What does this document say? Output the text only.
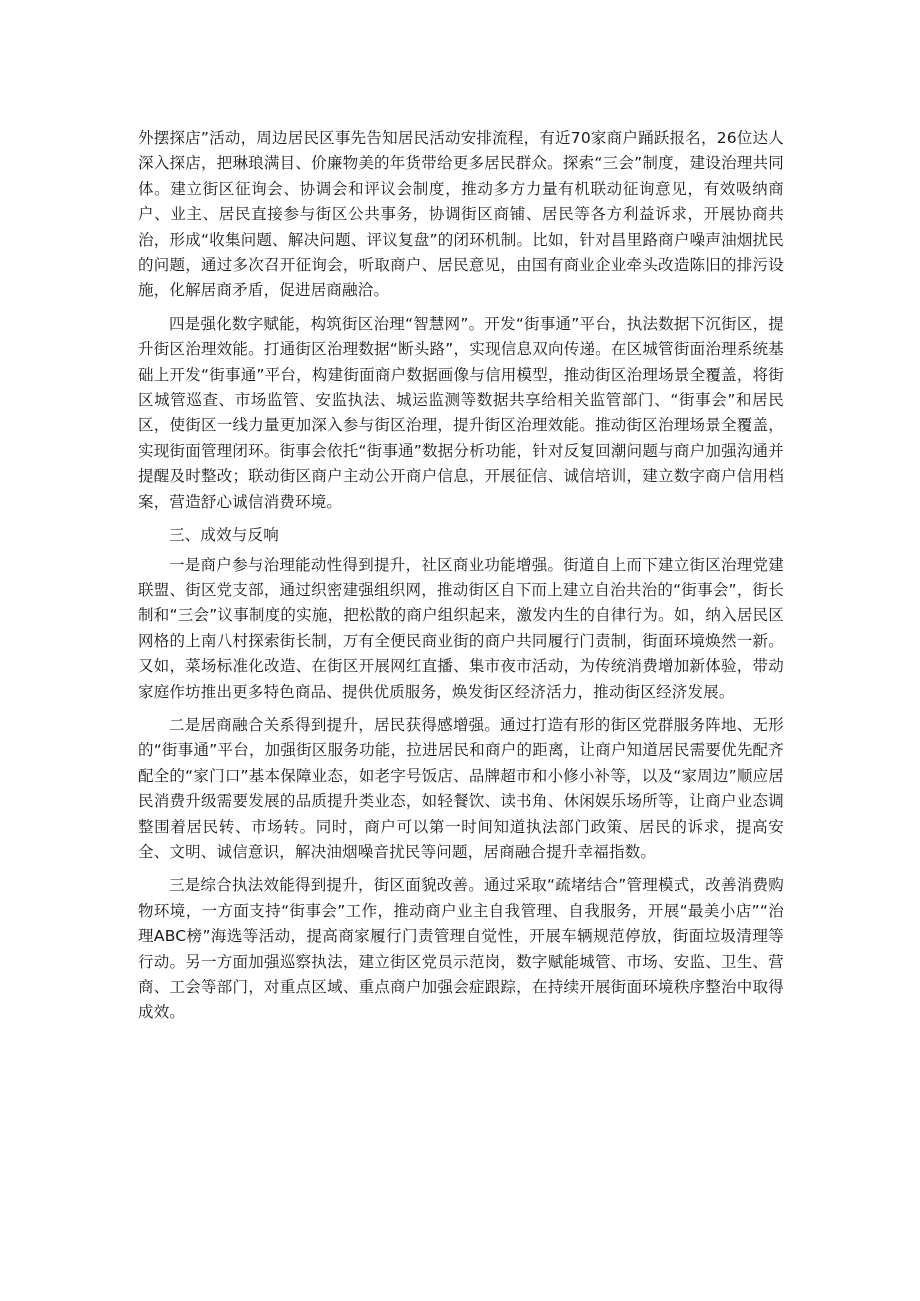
外摆探店”活动，周边居民区事先告知居民活动安排流程，有近70家商户踊跃报名，26位达人深入探店，把琳琅满目、价廉物美的年货带给更多居民群众。探索“三会”制度，建设治理共同体。建立街区征询会、协调会和评议会制度，推动多方力量有机联动征询意见，有效吸纳商户、业主、居民直接参与街区公共事务，协调街区商铺、居民等各方利益诉求，开展协商共治，形成“收集问题、解决问题、评议复盘”的闭环机制。比如，针对昌里路商户噪声油烟扰民的问题，通过多次召开征询会，听取商户、居民意见，由国有商业企业牵头改造陈旧的排污设施，化解居商矛盾，促进居商融洽。

四是强化数字赋能，构筑街区治理“智慧网”。开发“街事通”平台，执法数据下沉街区，提升街区治理效能。打通街区治理数据“断头路”，实现信息双向传递。在区城管街面治理系统基础上开发“街事通”平台，构建街面商户数据画像与信用模型，推动街区治理场景全覆盖，将街区城管巡查、市场监管、安监执法、城运监测等数据共享给相关监管部门、“街事会”和居民区，使街区一线力量更加深入参与街区治理，提升街区治理效能。推动街区治理场景全覆盖，实现街面管理闭环。街事会依托“街事通”数据分析功能，针对反复回潮问题与商户加强沟通并提醒及时整改；联动街区商户主动公开商户信息，开展征信、诚信培训，建立数字商户信用档案，营造舒心诚信消费环境。

三、成效与反响

一是商户参与治理能动性得到提升，社区商业功能增强。街道自上而下建立街区治理党建联盟、街区党支部，通过织密建强组织网，推动街区自下而上建立自治共治的“街事会”，街长制和“三会”议事制度的实施，把松散的商户组织起来，激发内生的自律行为。如，纳入居民区网格的上南八村探索街长制，万有全便民商业街的商户共同履行门责制，街面环境焕然一新。又如，菜场标准化改造、在街区开展网红直播、集市夜市活动，为传统消费增加新体验，带动家庭作坊推出更多特色商品、提供优质服务，焕发街区经济活力，推动街区经济发展。

二是居商融合关系得到提升，居民获得感增强。通过打造有形的街区党群服务阵地、无形的“街事通”平台，加强街区服务功能，拉进居民和商户的距离，让商户知道居民需要优先配齐配全的“家门口”基本保障业态，如老字号饭店、品牌超市和小修小补等，以及“家周边”顺应居民消费升级需要发展的品质提升类业态，如轻餐饮、读书角、休闲娱乐场所等，让商户业态调整围着居民转、市场转。同时，商户可以第一时间知道执法部门政策、居民的诉求，提高安全、文明、诚信意识，解决油烟噪音扰民等问题，居商融合提升幸福指数。

三是综合执法效能得到提升，街区面貌改善。通过采取“疏堵结合”管理模式，改善消费购物环境，一方面支持“街事会”工作，推动商户业主自我管理、自我服务，开展“最美小店”“治理ABC榜”海选等活动，提高商家履行门责管理自觉性，开展车辆规范停放，街面垃圾清理等行动。另一方面加强巡察执法，建立街区党员示范岗，数字赋能城管、市场、安监、卫生、营商、工会等部门，对重点区域、重点商户加强会症跟踪，在持续开展街面环境秩序整治中取得成效。
